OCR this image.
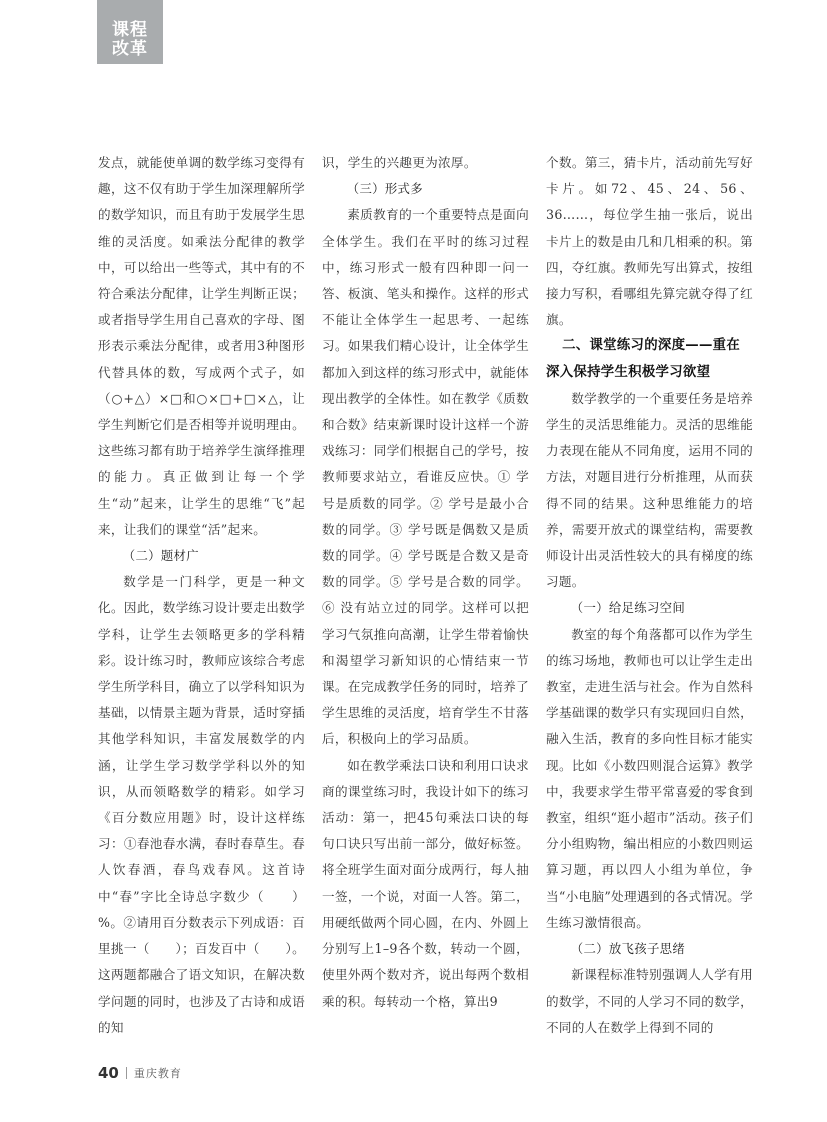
课程
改革

发点，就能使单调的数学练习变得有趣，这不仅有助于学生加深理解所学的数学知识，而且有助于发展学生思维的灵活度。如乘法分配律的教学中，可以给出一些等式，其中有的不符合乘法分配律，让学生判断正误；或者指导学生用自己喜欢的字母、图形表示乘法分配律，或者用3种图形代替具体的数，写成两个式子，如（○+△）×□和○×□+□×△，让学生判断它们是否相等并说明理由。这些练习都有助于培养学生演绎推理的能力。真正做到让每一个学生“动”起来，让学生的思维“飞”起来，让我们的课堂“活”起来。

（二）题材广

数学是一门科学，更是一种文化。因此，数学练习设计要走出数学学科，让学生去领略更多的学科精彩。设计练习时，教师应该综合考虑学生所学科目，确立了以学科知识为基础，以情景主题为背景，适时穿插其他学科知识，丰富发展数学的内涵，让学生学习数学学科以外的知识，从而领略数学的精彩。如学习《百分数应用题》时，设计这样练习：①春池春水满，春时春草生。春人饮春酒，春鸟戏春风。这首诗中“春”字比全诗总字数少（　　）%。②请用百分数表示下列成语：百里挑一（　　）；百发百中（　　）。这两题都融合了语文知识，在解决数学问题的同时，也涉及了古诗和成语的知

识，学生的兴趣更为浓厚。

（三）形式多

素质教育的一个重要特点是面向全体学生。我们在平时的练习过程中，练习形式一般有四种即一问一答、板演、笔头和操作。这样的形式不能让全体学生一起思考、一起练习。如果我们精心设计，让全体学生都加入到这样的练习形式中，就能体现出教学的全体性。如在教学《质数和合数》结束新课时设计这样一个游戏练习：同学们根据自己的学号，按教师要求站立，看谁反应快。① 学号是质数的同学。② 学号是最小合数的同学。③ 学号既是偶数又是质数的同学。④ 学号既是合数又是奇数的同学。⑤ 学号是合数的同学。⑥ 没有站立过的同学。这样可以把学习气氛推向高潮，让学生带着愉快和渴望学习新知识的心情结束一节课。在完成教学任务的同时，培养了学生思维的灵活度，培育学生不甘落后，积极向上的学习品质。

如在教学乘法口诀和利用口诀求商的课堂练习时，我设计如下的练习活动：第一，把45句乘法口诀的每句口诀只写出前一部分，做好标签。将全班学生面对面分成两行，每人抽一签，一个说，对面一人答。第二，用硬纸做两个同心圆，在内、外圆上分别写上1–9各个数，转动一个圆，使里外两个数对齐，说出每两个数相乘的积。每转动一个格，算出9

个数。第三，猜卡片，活动前先写好卡片。如72、45、24、56、36……，每位学生抽一张后，说出卡片上的数是由几和几相乘的积。第四，夺红旗。教师先写出算式，按组接力写积，看哪组先算完就夺得了红旗。

二、课堂练习的深度——重在深入保持学生积极学习欲望

数学教学的一个重要任务是培养学生的灵活思维能力。灵活的思维能力表现在能从不同角度，运用不同的方法，对题目进行分析推理，从而获得不同的结果。这种思维能力的培养，需要开放式的课堂结构，需要教师设计出灵活性较大的具有梯度的练习题。

（一）给足练习空间

教室的每个角落都可以作为学生的练习场地，教师也可以让学生走出教室，走进生活与社会。作为自然科学基础课的数学只有实现回归自然，融入生活，教育的多向性目标才能实现。比如《小数四则混合运算》教学中，我要求学生带平常喜爱的零食到教室，组织“逛小超市”活动。孩子们分小组购物，编出相应的小数四则运算习题，再以四人小组为单位，争当“小电脑”处理遇到的各式情况。学生练习激情很高。

（二）放飞孩子思绪

新课程标准特别强调人人学有用的数学，不同的人学习不同的数学，不同的人在数学上得到不同的

40 重庆教育
